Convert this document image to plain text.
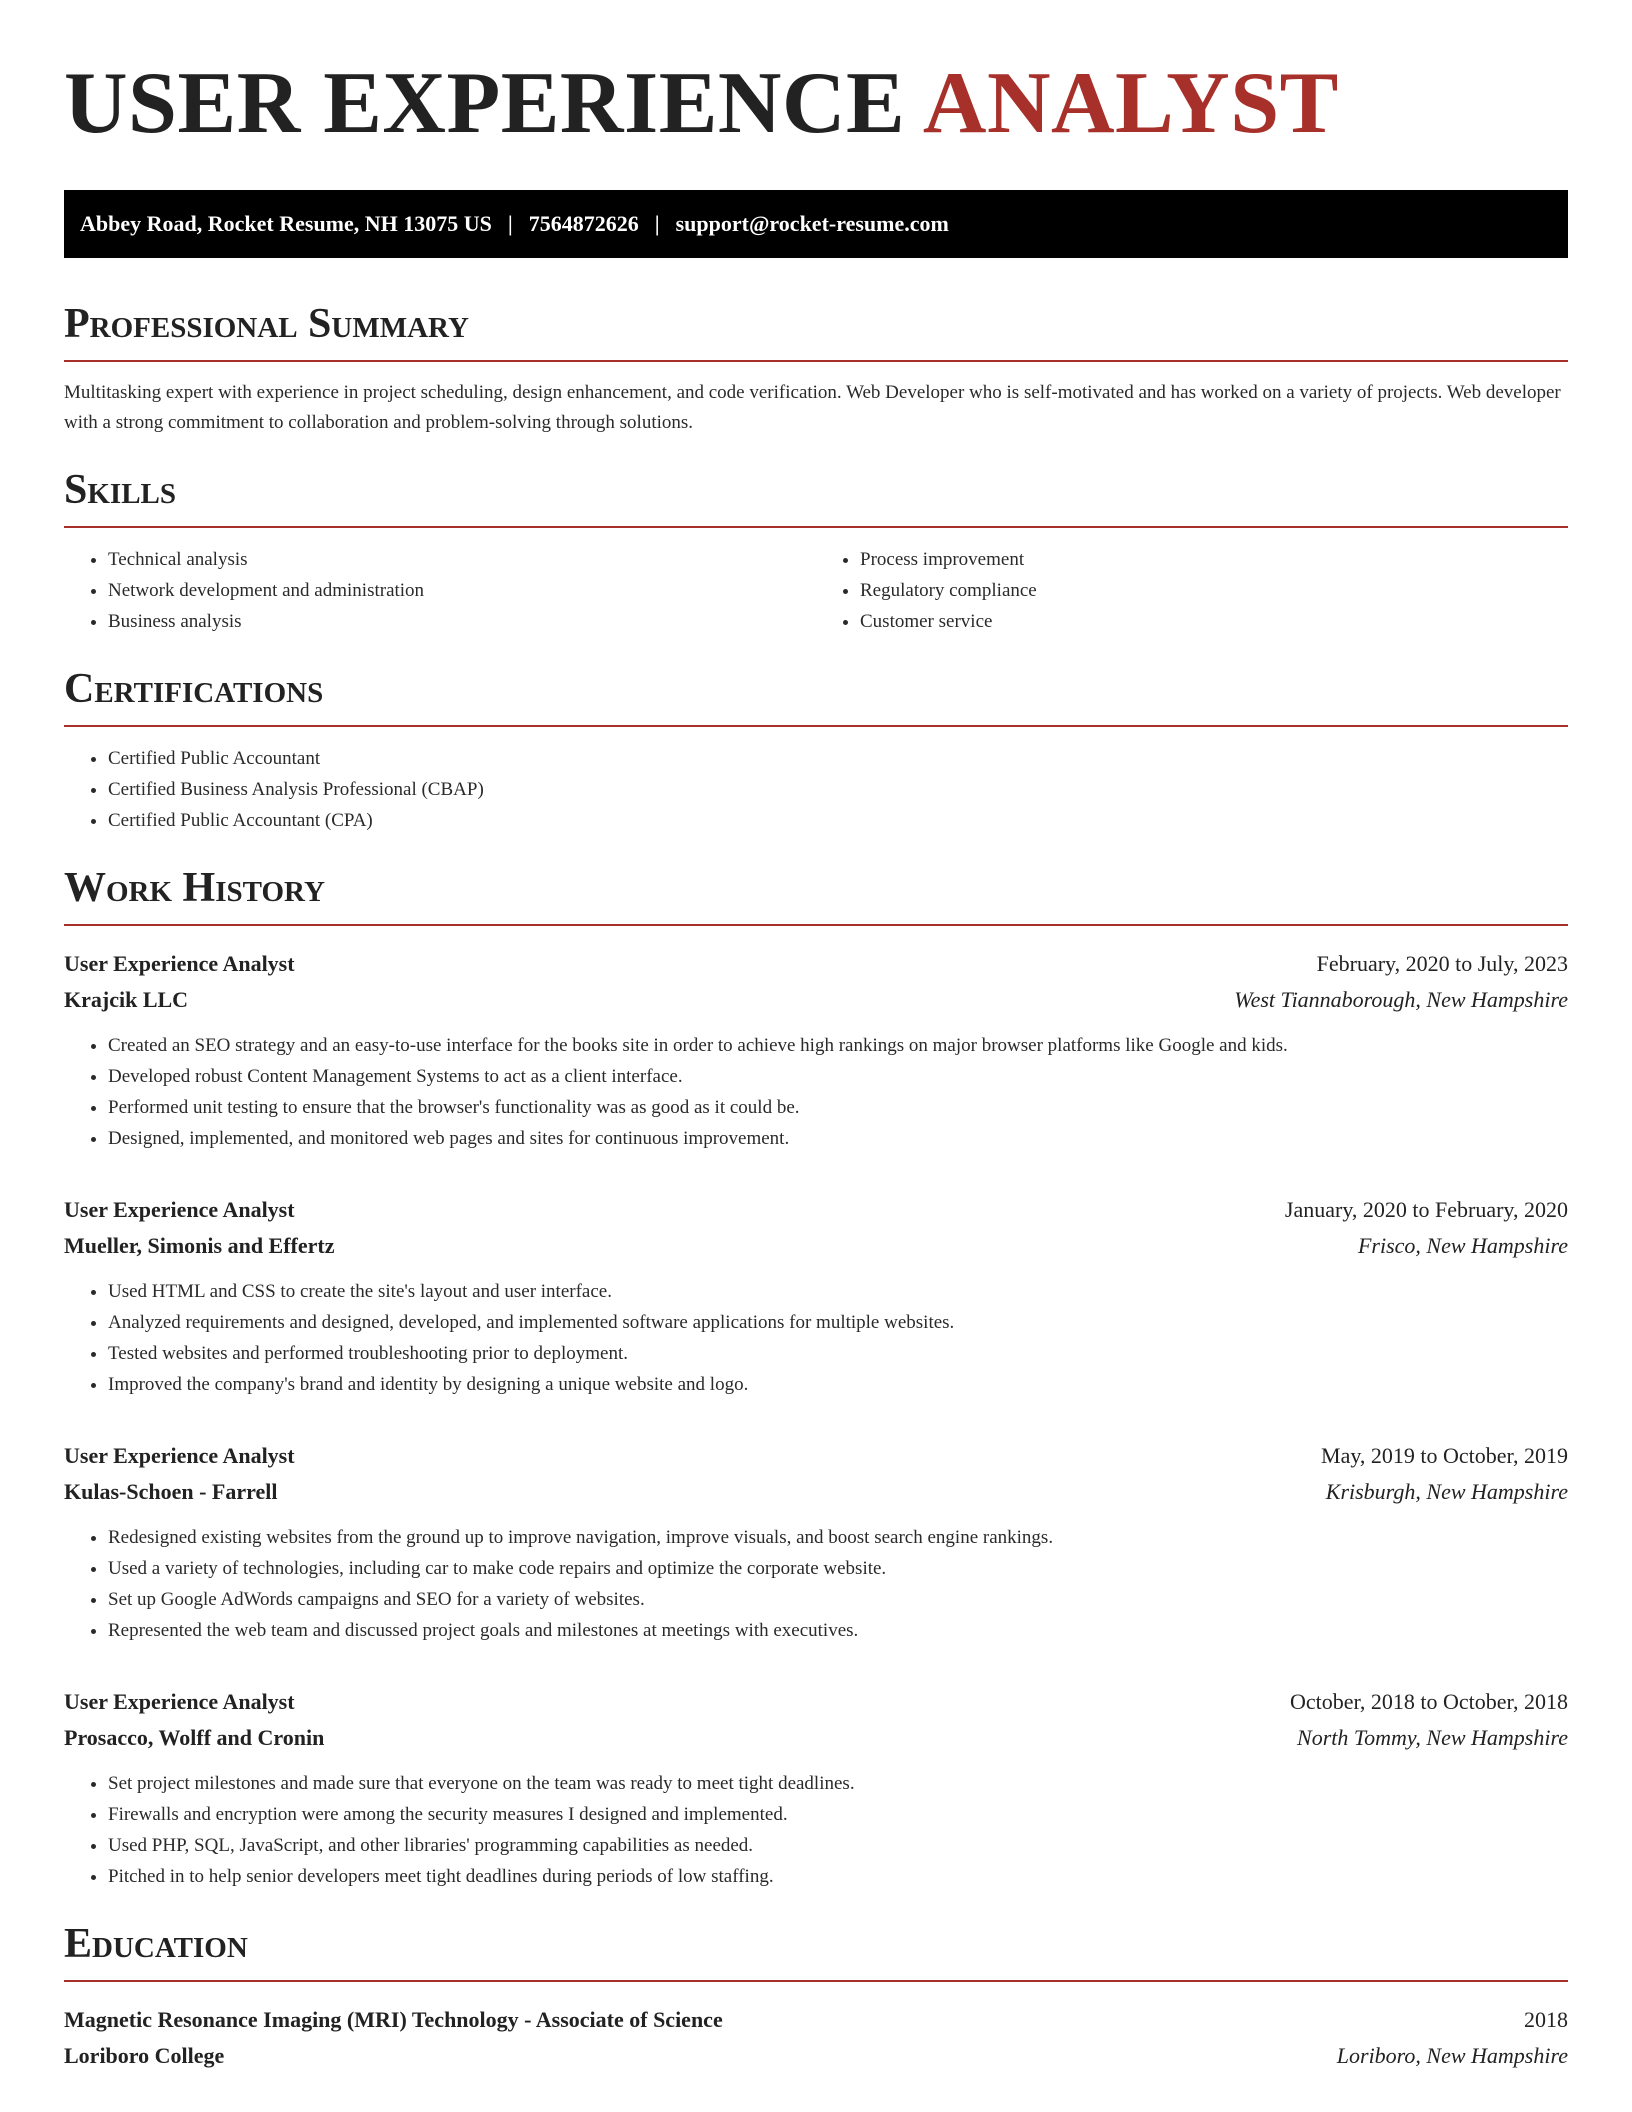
USER EXPERIENCE ANALYST
Abbey Road, Rocket Resume, NH 13075 US | 7564872626 | support@rocket-resume.com
Professional Summary

Multitasking expert with experience in project scheduling, design enhancement, and code verification. Web Developer who is self-motivated and has worked on a variety of projects. Web developer with a strong commitment to collaboration and problem-solving through solutions.

Skills
• Technical analysis
• Network development and administration
• Business analysis
• Process improvement
• Regulatory compliance
• Customer service
Certifications
• Certified Public Accountant
• Certified Business Analysis Professional (CBAP)
• Certified Public Accountant (CPA)
Work History
User Experience Analyst	February, 2020 to July, 2023
Krajcik LLC	West Tiannaborough, New Hampshire
• Created an SEO strategy and an easy-to-use interface for the books site in order to achieve high rankings on major browser platforms like Google and kids.
• Developed robust Content Management Systems to act as a client interface.
• Performed unit testing to ensure that the browser's functionality was as good as it could be.
• Designed, implemented, and monitored web pages and sites for continuous improvement.
User Experience Analyst	January, 2020 to February, 2020
Mueller, Simonis and Effertz	Frisco, New Hampshire
• Used HTML and CSS to create the site's layout and user interface.
• Analyzed requirements and designed, developed, and implemented software applications for multiple websites.
• Tested websites and performed troubleshooting prior to deployment.
• Improved the company's brand and identity by designing a unique website and logo.
User Experience Analyst	May, 2019 to October, 2019
Kulas-Schoen - Farrell	Krisburgh, New Hampshire
• Redesigned existing websites from the ground up to improve navigation, improve visuals, and boost search engine rankings.
• Used a variety of technologies, including car to make code repairs and optimize the corporate website.
• Set up Google AdWords campaigns and SEO for a variety of websites.
• Represented the web team and discussed project goals and milestones at meetings with executives.
User Experience Analyst	October, 2018 to October, 2018
Prosacco, Wolff and Cronin	North Tommy, New Hampshire
• Set project milestones and made sure that everyone on the team was ready to meet tight deadlines.
• Firewalls and encryption were among the security measures I designed and implemented.
• Used PHP, SQL, JavaScript, and other libraries' programming capabilities as needed.
• Pitched in to help senior developers meet tight deadlines during periods of low staffing.
Education
Magnetic Resonance Imaging (MRI) Technology - Associate of Science	2018
Loriboro College	Loriboro, New Hampshire
